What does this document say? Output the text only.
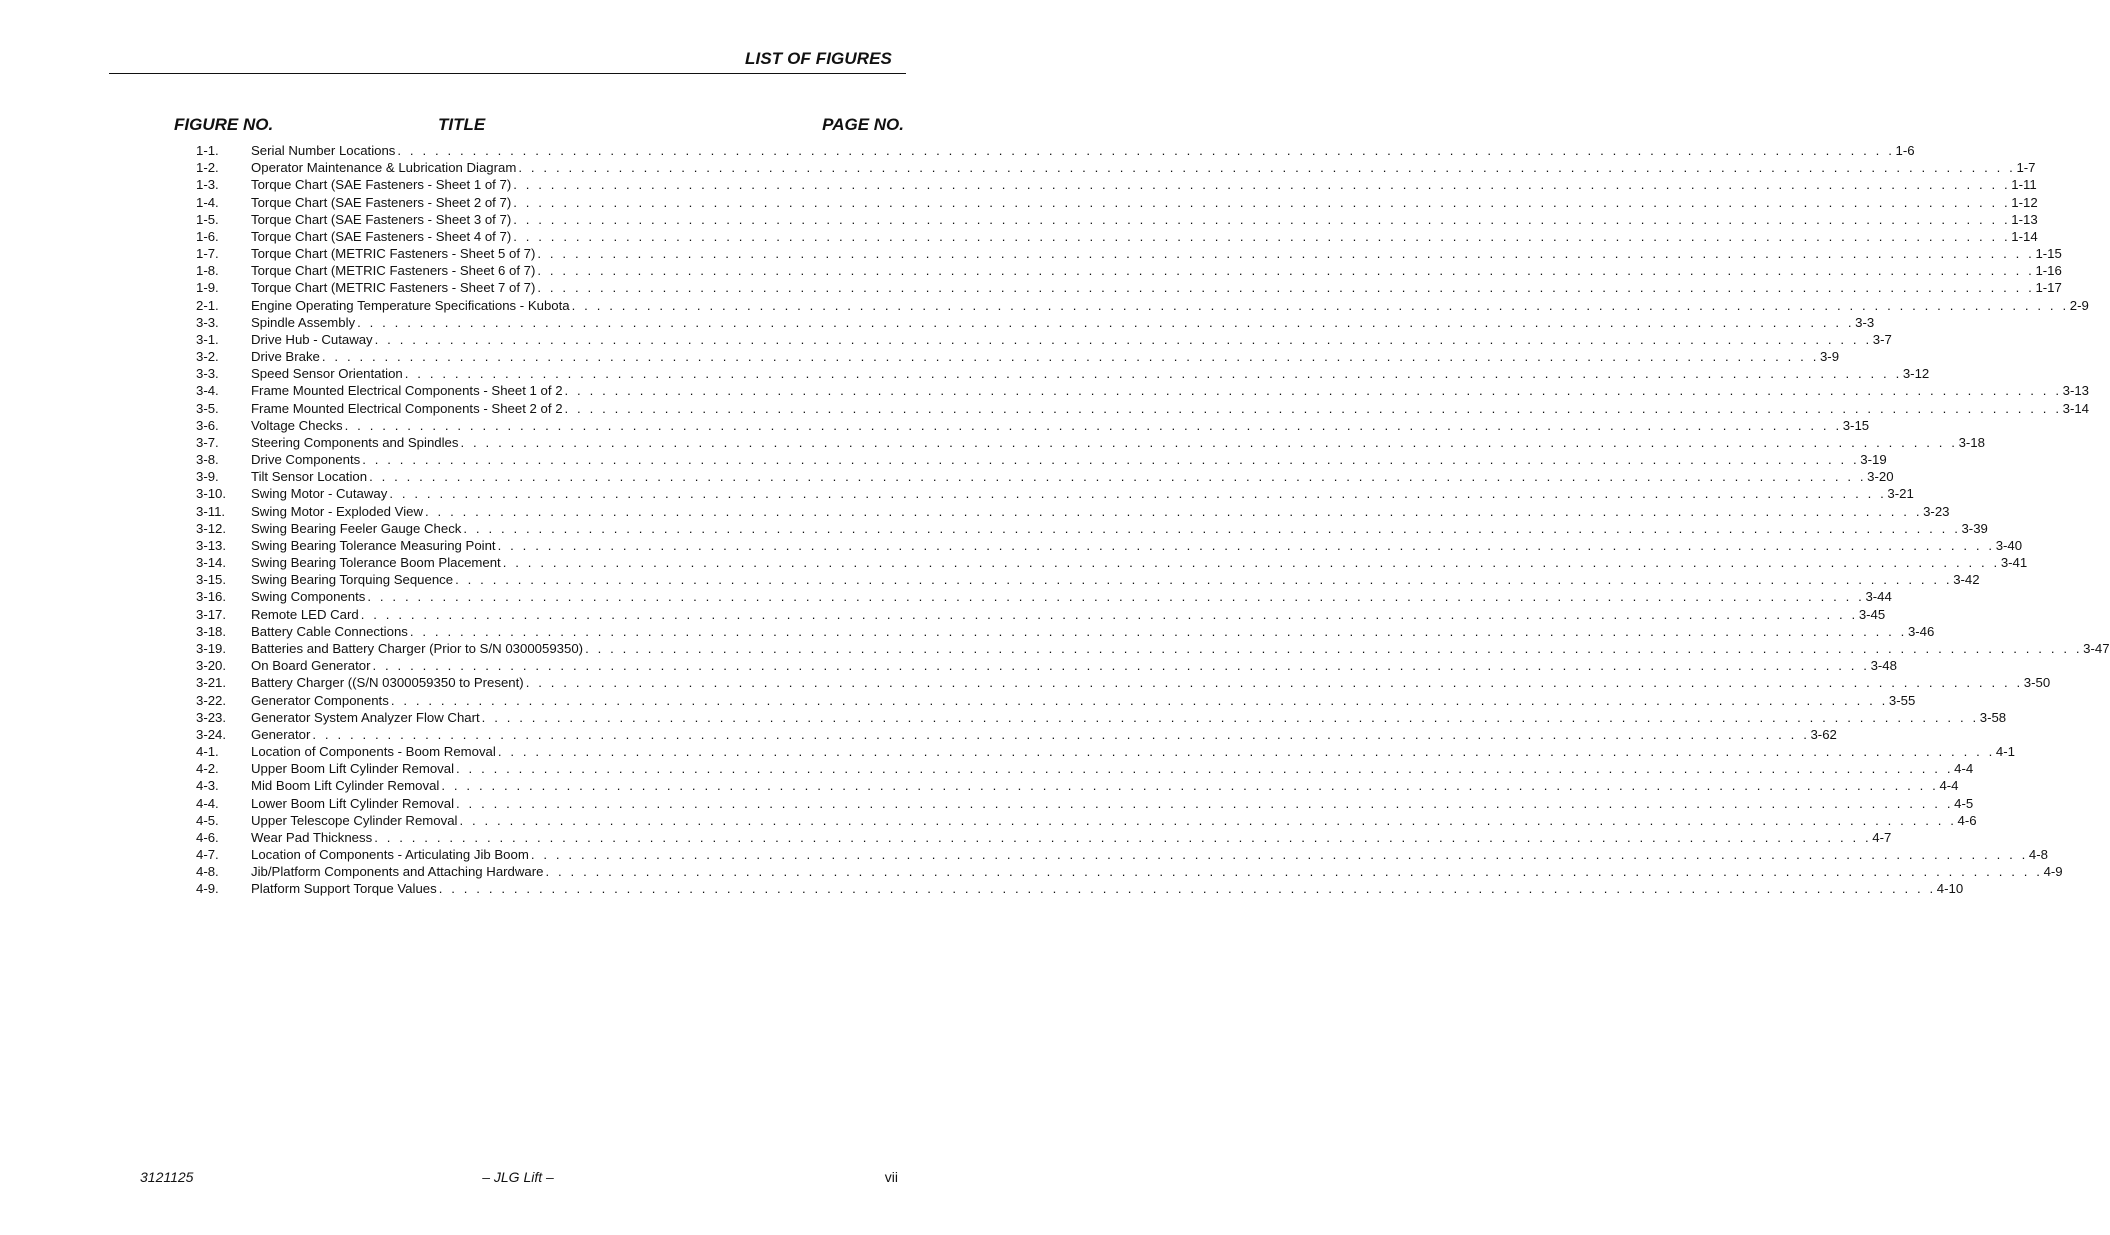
LIST OF FIGURES
FIGURE NO.	TITLE	PAGE NO.
1-1.	Serial Number Locations . . . . . . . . . . . . . . . . . . . . . . . . . . . . . . . . . . . . . . . . . . . . . . . . . . . . . . . . . . . . . . . . . . . . . . . . . . . . . . . . . . . . . . . . . . . . . . . . . . . . . . . . . . . . . . . . . . . . . . . . 1-6
1-2.	Operator Maintenance & Lubrication Diagram . . . . . . . . . . . . . . . . . . . . . . . . . . . . . . . . . . . . . . . . . . . . . . . . . . . . . . . . . . . . . . . . . . . . . . . . . . . . . . . . . . . . . . . . . . . . . . . . . . . . . . . . . . . . . . . . . . . . . . . . 1-7
1-3.	Torque Chart (SAE Fasteners - Sheet 1 of 7) . . . . . . . . . . . . . . . . . . . . . . . . . . . . . . . . . . . . . . . . . . . . . . . . . . . . . . . . . . . . . . . . . . . . . . . . . . . . . . . . . . . . . . . . . . . . . . . . . . . . . . . . . . . . . . . . . . . . . . . . 1-11
1-4.	Torque Chart (SAE Fasteners - Sheet 2 of 7) . . . . . . . . . . . . . . . . . . . . . . . . . . . . . . . . . . . . . . . . . . . . . . . . . . . . . . . . . . . . . . . . . . . . . . . . . . . . . . . . . . . . . . . . . . . . . . . . . . . . . . . . . . . . . . . . . . . . . . . . 1-12
1-5.	Torque Chart (SAE Fasteners - Sheet 3 of 7) . . . . . . . . . . . . . . . . . . . . . . . . . . . . . . . . . . . . . . . . . . . . . . . . . . . . . . . . . . . . . . . . . . . . . . . . . . . . . . . . . . . . . . . . . . . . . . . . . . . . . . . . . . . . . . . . . . . . . . . . 1-13
1-6.	Torque Chart (SAE Fasteners - Sheet 4 of 7) . . . . . . . . . . . . . . . . . . . . . . . . . . . . . . . . . . . . . . . . . . . . . . . . . . . . . . . . . . . . . . . . . . . . . . . . . . . . . . . . . . . . . . . . . . . . . . . . . . . . . . . . . . . . . . . . . . . . . . . . 1-14
1-7.	Torque Chart (METRIC Fasteners - Sheet 5 of 7) . . . . . . . . . . . . . . . . . . . . . . . . . . . . . . . . . . . . . . . . . . . . . . . . . . . . . . . . . . . . . . . . . . . . . . . . . . . . . . . . . . . . . . . . . . . . . . . . . . . . . . . . . . . . . . . . . . . . . . . . 1-15
1-8.	Torque Chart (METRIC Fasteners - Sheet 6 of 7) . . . . . . . . . . . . . . . . . . . . . . . . . . . . . . . . . . . . . . . . . . . . . . . . . . . . . . . . . . . . . . . . . . . . . . . . . . . . . . . . . . . . . . . . . . . . . . . . . . . . . . . . . . . . . . . . . . . . . . . . 1-16
1-9.	Torque Chart (METRIC Fasteners - Sheet 7 of 7) . . . . . . . . . . . . . . . . . . . . . . . . . . . . . . . . . . . . . . . . . . . . . . . . . . . . . . . . . . . . . . . . . . . . . . . . . . . . . . . . . . . . . . . . . . . . . . . . . . . . . . . . . . . . . . . . . . . . . . . . 1-17
2-1.	Engine Operating Temperature Specifications - Kubota . . . . . . . . . . . . . . . . . . . . . . . . . . . . . . . . . . . . . . . . . . . . . . . . . . . . . . . . . . . . . . . . . . . . . . . . . . . . . . . . . . . . . . . . . . . . . . . . . . . . . . . . . . . . . . . . . . . . . . . . 2-9
3-3.	Spindle Assembly . . . . . . . . . . . . . . . . . . . . . . . . . . . . . . . . . . . . . . . . . . . . . . . . . . . . . . . . . . . . . . . . . . . . . . . . . . . . . . . . . . . . . . . . . . . . . . . . . . . . . . . . . . . . . . . . . . . . . . . . 3-3
3-1.	Drive Hub - Cutaway . . . . . . . . . . . . . . . . . . . . . . . . . . . . . . . . . . . . . . . . . . . . . . . . . . . . . . . . . . . . . . . . . . . . . . . . . . . . . . . . . . . . . . . . . . . . . . . . . . . . . . . . . . . . . . . . . . . . . . . . 3-7
3-2.	Drive Brake . . . . . . . . . . . . . . . . . . . . . . . . . . . . . . . . . . . . . . . . . . . . . . . . . . . . . . . . . . . . . . . . . . . . . . . . . . . . . . . . . . . . . . . . . . . . . . . . . . . . . . . . . . . . . . . . . . . . . . . . 3-9
3-3.	Speed Sensor Orientation . . . . . . . . . . . . . . . . . . . . . . . . . . . . . . . . . . . . . . . . . . . . . . . . . . . . . . . . . . . . . . . . . . . . . . . . . . . . . . . . . . . . . . . . . . . . . . . . . . . . . . . . . . . . . . . . . . . . . . . . 3-12
3-4.	Frame Mounted Electrical Components - Sheet 1 of 2 . . . . . . . . . . . . . . . . . . . . . . . . . . . . . . . . . . . . . . . . . . . . . . . . . . . . . . . . . . . . . . . . . . . . . . . . . . . . . . . . . . . . . . . . . . . . . . . . . . . . . . . . . . . . . . . . . . . . . . . . 3-13
3-5.	Frame Mounted Electrical Components - Sheet 2 of 2 . . . . . . . . . . . . . . . . . . . . . . . . . . . . . . . . . . . . . . . . . . . . . . . . . . . . . . . . . . . . . . . . . . . . . . . . . . . . . . . . . . . . . . . . . . . . . . . . . . . . . . . . . . . . . . . . . . . . . . . . 3-14
3-6.	Voltage Checks . . . . . . . . . . . . . . . . . . . . . . . . . . . . . . . . . . . . . . . . . . . . . . . . . . . . . . . . . . . . . . . . . . . . . . . . . . . . . . . . . . . . . . . . . . . . . . . . . . . . . . . . . . . . . . . . . . . . . . . . 3-15
3-7.	Steering Components and Spindles . . . . . . . . . . . . . . . . . . . . . . . . . . . . . . . . . . . . . . . . . . . . . . . . . . . . . . . . . . . . . . . . . . . . . . . . . . . . . . . . . . . . . . . . . . . . . . . . . . . . . . . . . . . . . . . . . . . . . . . . 3-18
3-8.	Drive Components . . . . . . . . . . . . . . . . . . . . . . . . . . . . . . . . . . . . . . . . . . . . . . . . . . . . . . . . . . . . . . . . . . . . . . . . . . . . . . . . . . . . . . . . . . . . . . . . . . . . . . . . . . . . . . . . . . . . . . . . 3-19
3-9.	Tilt Sensor Location . . . . . . . . . . . . . . . . . . . . . . . . . . . . . . . . . . . . . . . . . . . . . . . . . . . . . . . . . . . . . . . . . . . . . . . . . . . . . . . . . . . . . . . . . . . . . . . . . . . . . . . . . . . . . . . . . . . . . . . . 3-20
3-10.	Swing Motor - Cutaway . . . . . . . . . . . . . . . . . . . . . . . . . . . . . . . . . . . . . . . . . . . . . . . . . . . . . . . . . . . . . . . . . . . . . . . . . . . . . . . . . . . . . . . . . . . . . . . . . . . . . . . . . . . . . . . . . . . . . . . . 3-21
3-11.	Swing Motor - Exploded View . . . . . . . . . . . . . . . . . . . . . . . . . . . . . . . . . . . . . . . . . . . . . . . . . . . . . . . . . . . . . . . . . . . . . . . . . . . . . . . . . . . . . . . . . . . . . . . . . . . . . . . . . . . . . . . . . . . . . . . . 3-23
3-12.	Swing Bearing Feeler Gauge Check . . . . . . . . . . . . . . . . . . . . . . . . . . . . . . . . . . . . . . . . . . . . . . . . . . . . . . . . . . . . . . . . . . . . . . . . . . . . . . . . . . . . . . . . . . . . . . . . . . . . . . . . . . . . . . . . . . . . . . . . 3-39
3-13.	Swing Bearing Tolerance Measuring Point . . . . . . . . . . . . . . . . . . . . . . . . . . . . . . . . . . . . . . . . . . . . . . . . . . . . . . . . . . . . . . . . . . . . . . . . . . . . . . . . . . . . . . . . . . . . . . . . . . . . . . . . . . . . . . . . . . . . . . . . 3-40
3-14.	Swing Bearing Tolerance Boom Placement . . . . . . . . . . . . . . . . . . . . . . . . . . . . . . . . . . . . . . . . . . . . . . . . . . . . . . . . . . . . . . . . . . . . . . . . . . . . . . . . . . . . . . . . . . . . . . . . . . . . . . . . . . . . . . . . . . . . . . . . 3-41
3-15.	Swing Bearing Torquing Sequence . . . . . . . . . . . . . . . . . . . . . . . . . . . . . . . . . . . . . . . . . . . . . . . . . . . . . . . . . . . . . . . . . . . . . . . . . . . . . . . . . . . . . . . . . . . . . . . . . . . . . . . . . . . . . . . . . . . . . . . . 3-42
3-16.	Swing Components . . . . . . . . . . . . . . . . . . . . . . . . . . . . . . . . . . . . . . . . . . . . . . . . . . . . . . . . . . . . . . . . . . . . . . . . . . . . . . . . . . . . . . . . . . . . . . . . . . . . . . . . . . . . . . . . . . . . . . . . 3-44
3-17.	Remote LED Card . . . . . . . . . . . . . . . . . . . . . . . . . . . . . . . . . . . . . . . . . . . . . . . . . . . . . . . . . . . . . . . . . . . . . . . . . . . . . . . . . . . . . . . . . . . . . . . . . . . . . . . . . . . . . . . . . . . . . . . . 3-45
3-18.	Battery Cable Connections . . . . . . . . . . . . . . . . . . . . . . . . . . . . . . . . . . . . . . . . . . . . . . . . . . . . . . . . . . . . . . . . . . . . . . . . . . . . . . . . . . . . . . . . . . . . . . . . . . . . . . . . . . . . . . . . . . . . . . . . 3-46
3-19.	Batteries and Battery Charger (Prior to S/N 0300059350) . . . . . . . . . . . . . . . . . . . . . . . . . . . . . . . . . . . . . . . . . . . . . . . . . . . . . . . . . . . . . . . . . . . . . . . . . . . . . . . . . . . . . . . . . . . . . . . . . . . . . . . . . . . . . . . . . . . . . . . . 3-47
3-20.	On Board Generator . . . . . . . . . . . . . . . . . . . . . . . . . . . . . . . . . . . . . . . . . . . . . . . . . . . . . . . . . . . . . . . . . . . . . . . . . . . . . . . . . . . . . . . . . . . . . . . . . . . . . . . . . . . . . . . . . . . . . . . . 3-48
3-21.	Battery Charger ((S/N 0300059350 to Present) . . . . . . . . . . . . . . . . . . . . . . . . . . . . . . . . . . . . . . . . . . . . . . . . . . . . . . . . . . . . . . . . . . . . . . . . . . . . . . . . . . . . . . . . . . . . . . . . . . . . . . . . . . . . . . . . . . . . . . . . 3-50
3-22.	Generator Components . . . . . . . . . . . . . . . . . . . . . . . . . . . . . . . . . . . . . . . . . . . . . . . . . . . . . . . . . . . . . . . . . . . . . . . . . . . . . . . . . . . . . . . . . . . . . . . . . . . . . . . . . . . . . . . . . . . . . . . . 3-55
3-23.	Generator System Analyzer Flow Chart . . . . . . . . . . . . . . . . . . . . . . . . . . . . . . . . . . . . . . . . . . . . . . . . . . . . . . . . . . . . . . . . . . . . . . . . . . . . . . . . . . . . . . . . . . . . . . . . . . . . . . . . . . . . . . . . . . . . . . . . 3-58
3-24.	Generator . . . . . . . . . . . . . . . . . . . . . . . . . . . . . . . . . . . . . . . . . . . . . . . . . . . . . . . . . . . . . . . . . . . . . . . . . . . . . . . . . . . . . . . . . . . . . . . . . . . . . . . . . . . . . . . . . . . . . . . . 3-62
4-1.	Location of Components - Boom Removal . . . . . . . . . . . . . . . . . . . . . . . . . . . . . . . . . . . . . . . . . . . . . . . . . . . . . . . . . . . . . . . . . . . . . . . . . . . . . . . . . . . . . . . . . . . . . . . . . . . . . . . . . . . . . . . . . . . . . . . . 4-1
4-2.	Upper Boom Lift Cylinder Removal . . . . . . . . . . . . . . . . . . . . . . . . . . . . . . . . . . . . . . . . . . . . . . . . . . . . . . . . . . . . . . . . . . . . . . . . . . . . . . . . . . . . . . . . . . . . . . . . . . . . . . . . . . . . . . . . . . . . . . . . 4-4
4-3.	Mid Boom Lift Cylinder Removal . . . . . . . . . . . . . . . . . . . . . . . . . . . . . . . . . . . . . . . . . . . . . . . . . . . . . . . . . . . . . . . . . . . . . . . . . . . . . . . . . . . . . . . . . . . . . . . . . . . . . . . . . . . . . . . . . . . . . . . . 4-4
4-4.	Lower Boom Lift Cylinder Removal . . . . . . . . . . . . . . . . . . . . . . . . . . . . . . . . . . . . . . . . . . . . . . . . . . . . . . . . . . . . . . . . . . . . . . . . . . . . . . . . . . . . . . . . . . . . . . . . . . . . . . . . . . . . . . . . . . . . . . . . 4-5
4-5.	Upper Telescope Cylinder Removal . . . . . . . . . . . . . . . . . . . . . . . . . . . . . . . . . . . . . . . . . . . . . . . . . . . . . . . . . . . . . . . . . . . . . . . . . . . . . . . . . . . . . . . . . . . . . . . . . . . . . . . . . . . . . . . . . . . . . . . . 4-6
4-6.	Wear Pad Thickness . . . . . . . . . . . . . . . . . . . . . . . . . . . . . . . . . . . . . . . . . . . . . . . . . . . . . . . . . . . . . . . . . . . . . . . . . . . . . . . . . . . . . . . . . . . . . . . . . . . . . . . . . . . . . . . . . . . . . . . . 4-7
4-7.	Location of Components - Articulating Jib Boom . . . . . . . . . . . . . . . . . . . . . . . . . . . . . . . . . . . . . . . . . . . . . . . . . . . . . . . . . . . . . . . . . . . . . . . . . . . . . . . . . . . . . . . . . . . . . . . . . . . . . . . . . . . . . . . . . . . . . . . . 4-8
4-8.	Jib/Platform Components and Attaching Hardware . . . . . . . . . . . . . . . . . . . . . . . . . . . . . . . . . . . . . . . . . . . . . . . . . . . . . . . . . . . . . . . . . . . . . . . . . . . . . . . . . . . . . . . . . . . . . . . . . . . . . . . . . . . . . . . . . . . . . . . . 4-9
4-9.	Platform Support Torque Values . . . . . . . . . . . . . . . . . . . . . . . . . . . . . . . . . . . . . . . . . . . . . . . . . . . . . . . . . . . . . . . . . . . . . . . . . . . . . . . . . . . . . . . . . . . . . . . . . . . . . . . . . . . . . . . . . . . . . . . . 4-10
3121125	– JLG Lift –	vii
